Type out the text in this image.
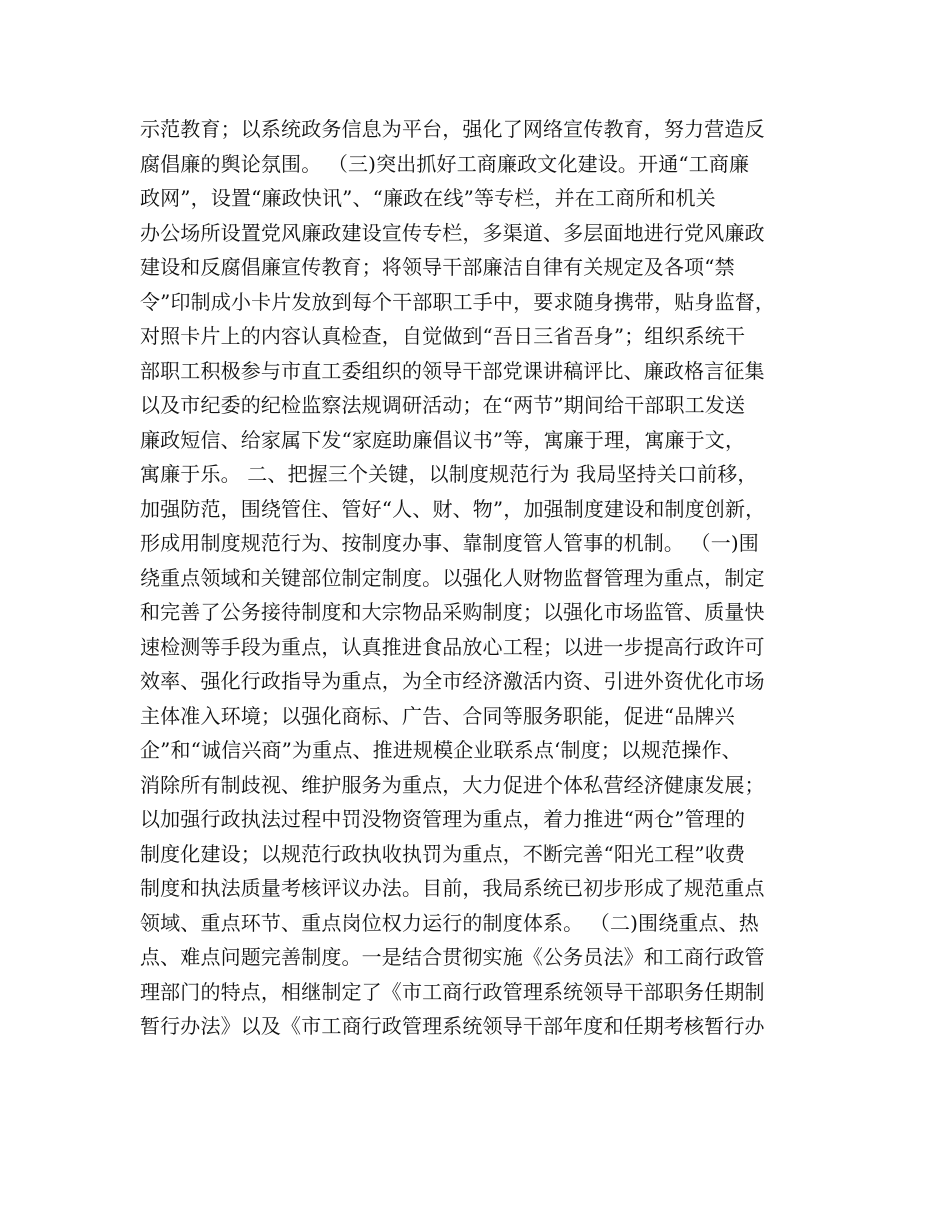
示范教育；以系统政务信息为平台，强化了网络宣传教育，努力营造反
腐倡廉的舆论氛围。 （三)突出抓好工商廉政文化建设。开通“工商廉
政网”，设置“廉政快讯”、“廉政在线”等专栏，并在工商所和机关
办公场所设置党风廉政建设宣传专栏，多渠道、多层面地进行党风廉政
建设和反腐倡廉宣传教育；将领导干部廉洁自律有关规定及各项“禁
令”印制成小卡片发放到每个干部职工手中，要求随身携带，贴身监督，
对照卡片上的内容认真检查，自觉做到“吾日三省吾身”；组织系统干
部职工积极参与市直工委组织的领导干部党课讲稿评比、廉政格言征集
以及市纪委的纪检监察法规调研活动；在“两节”期间给干部职工发送
廉政短信、给家属下发“家庭助廉倡议书”等，寓廉于理，寓廉于文，
寓廉于乐。 二、把握三个关键，以制度规范行为 我局坚持关口前移，
加强防范，围绕管住、管好“人、财、物”，加强制度建设和制度创新，
形成用制度规范行为、按制度办事、靠制度管人管事的机制。 （一)围
绕重点领域和关键部位制定制度。以强化人财物监督管理为重点，制定
和完善了公务接待制度和大宗物品采购制度；以强化市场监管、质量快
速检测等手段为重点，认真推进食品放心工程；以进一步提高行政许可
效率、强化行政指导为重点，为全市经济激活内资、引进外资优化市场
主体准入环境；以强化商标、广告、合同等服务职能，促进“品牌兴
企”和“诚信兴商”为重点、推进规模企业联系点‘制度；以规范操作、
消除所有制歧视、维护服务为重点，大力促进个体私营经济健康发展；
以加强行政执法过程中罚没物资管理为重点，着力推进“两仓”管理的
制度化建设；以规范行政执收执罚为重点，不断完善“阳光工程”收费
制度和执法质量考核评议办法。目前，我局系统已初步形成了规范重点
领域、重点环节、重点岗位权力运行的制度体系。 （二)围绕重点、热
点、难点问题完善制度。一是结合贯彻实施《公务员法》和工商行政管
理部门的特点，相继制定了《市工商行政管理系统领导干部职务任期制
暂行办法》以及《市工商行政管理系统领导干部年度和任期考核暂行办
